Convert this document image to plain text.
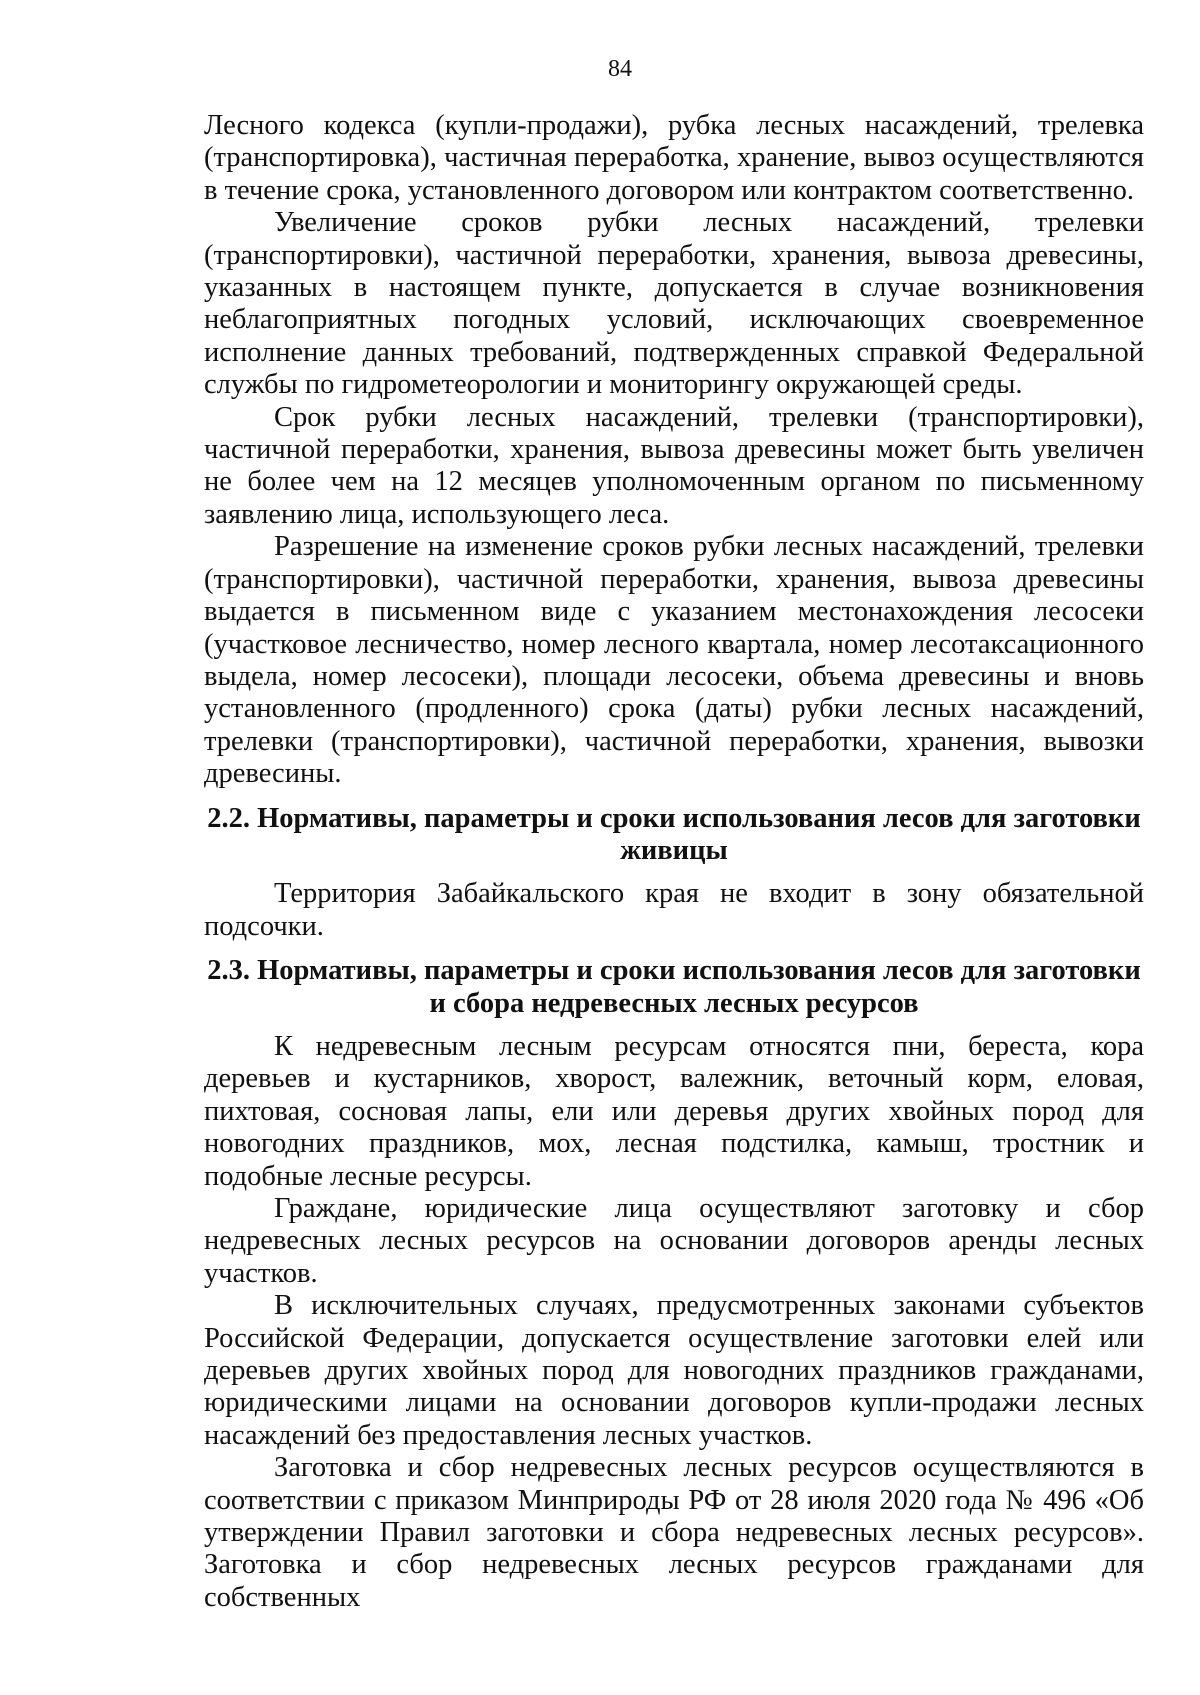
84

Лесного кодекса (купли-продажи), рубка лесных насаждений, трелевка (транспортировка), частичная переработка, хранение, вывоз осуществляются в течение срока, установленного договором или контрактом соответственно.

Увеличение сроков рубки лесных насаждений, трелевки (транспортировки), частичной переработки, хранения, вывоза древесины, указанных в настоящем пункте, допускается в случае возникновения неблагоприятных погодных условий, исключающих своевременное исполнение данных требований, подтвержденных справкой Федеральной службы по гидрометеорологии и мониторингу окружающей среды.

Срок рубки лесных насаждений, трелевки (транспортировки), частичной переработки, хранения, вывоза древесины может быть увеличен не более чем на 12 месяцев уполномоченным органом по письменному заявлению лица, использующего леса.

Разрешение на изменение сроков рубки лесных насаждений, трелевки (транспортировки), частичной переработки, хранения, вывоза древесины выдается в письменном виде с указанием местонахождения лесосеки (участковое лесничество, номер лесного квартала, номер лесотаксационного выдела, номер лесосеки), площади лесосеки, объема древесины и вновь установленного (продленного) срока (даты) рубки лесных насаждений, трелевки (транспортировки), частичной переработки, хранения, вывозки древесины.

2.2. Нормативы, параметры и сроки использования лесов для заготовки
живицы

Территория Забайкальского края не входит в зону обязательной подсочки.

2.3. Нормативы, параметры и сроки использования лесов для заготовки
и сбора недревесных лесных ресурсов

К недревесным лесным ресурсам относятся пни, береста, кора деревьев и кустарников, хворост, валежник, веточный корм, еловая, пихтовая, сосновая лапы, ели или деревья других хвойных пород для новогодних праздников, мох, лесная подстилка, камыш, тростник и подобные лесные ресурсы.

Граждане, юридические лица осуществляют заготовку и сбор недревесных лесных ресурсов на основании договоров аренды лесных участков.

В исключительных случаях, предусмотренных законами субъектов Российской Федерации, допускается осуществление заготовки елей или деревьев других хвойных пород для новогодних праздников гражданами, юридическими лицами на основании договоров купли-продажи лесных насаждений без предоставления лесных участков.

Заготовка и сбор недревесных лесных ресурсов осуществляются в соответствии с приказом Минприроды РФ от 28 июля 2020 года № 496 «Об утверждении Правил заготовки и сбора недревесных лесных ресурсов». Заготовка и сбор недревесных лесных ресурсов гражданами для собственных
